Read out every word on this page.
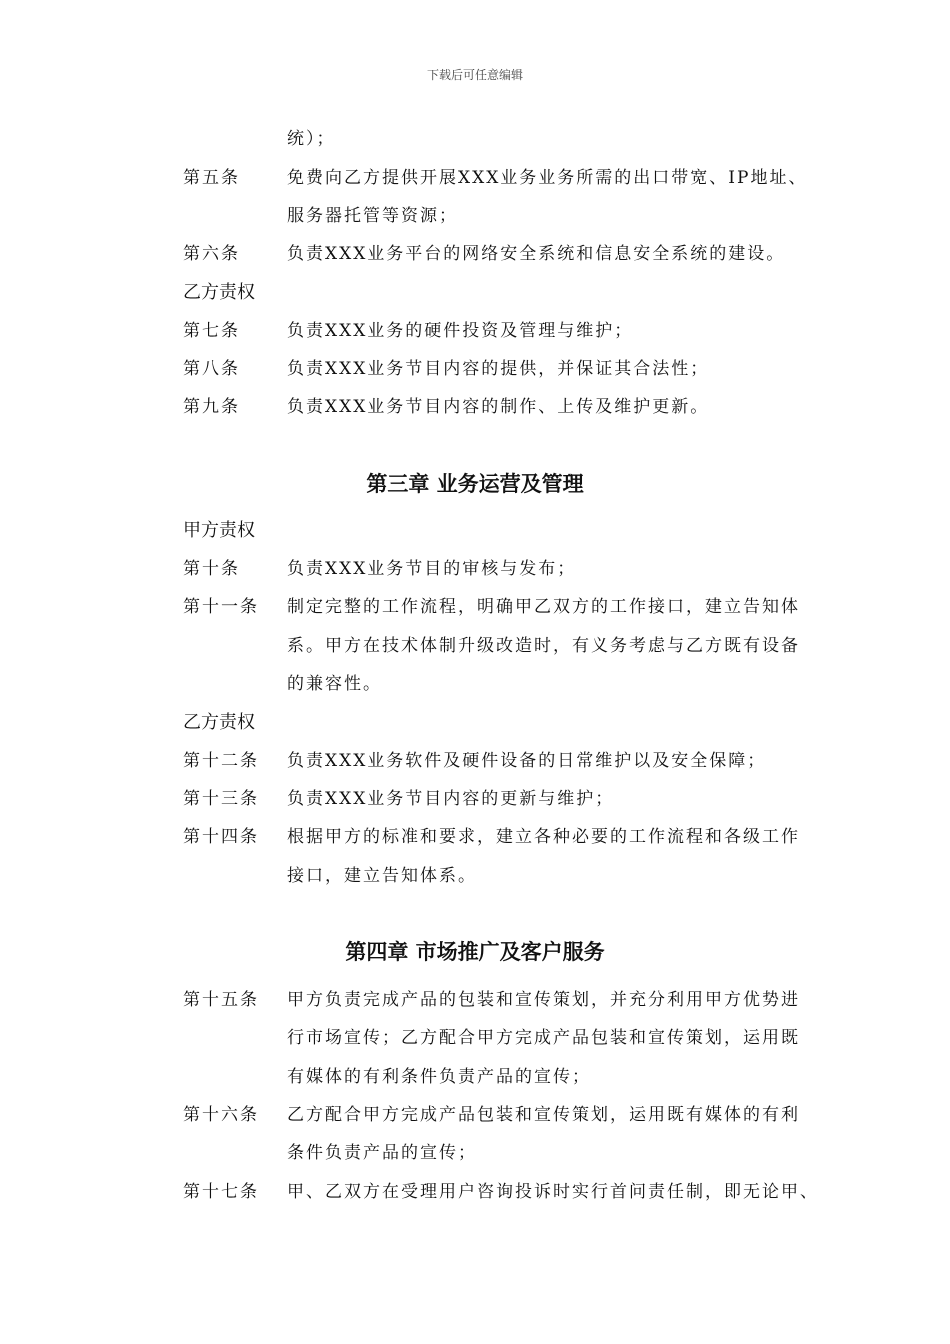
下载后可任意编辑
统）；
第五条	免费向乙方提供开展XXX业务业务所需的出口带宽、IP地址、
服务器托管等资源；
第六条	负责XXX业务平台的网络安全系统和信息安全系统的建设。
乙方责权
第七条	负责XXX业务的硬件投资及管理与维护；
第八条	负责XXX业务节目内容的提供，并保证其合法性；
第九条	负责XXX业务节目内容的制作、上传及维护更新。
第三章 业务运营及管理
甲方责权
第十条	负责XXX业务节目的审核与发布；
第十一条 制定完整的工作流程，明确甲乙双方的工作接口，建立告知体
系。甲方在技术体制升级改造时，有义务考虑与乙方既有设备
的兼容性。
乙方责权
第十二条 负责XXX业务软件及硬件设备的日常维护以及安全保障；
第十三条 负责XXX业务节目内容的更新与维护；
第十四条 根据甲方的标准和要求，建立各种必要的工作流程和各级工作
接口，建立告知体系。
第四章 市场推广及客户服务
第十五条 甲方负责完成产品的包装和宣传策划，并充分利用甲方优势进
行市场宣传；乙方配合甲方完成产品包装和宣传策划，运用既
有媒体的有利条件负责产品的宣传；
第十六条 乙方配合甲方完成产品包装和宣传策划，运用既有媒体的有利
条件负责产品的宣传；
第十七条 甲、乙双方在受理用户咨询投诉时实行首问责任制，即无论甲、
